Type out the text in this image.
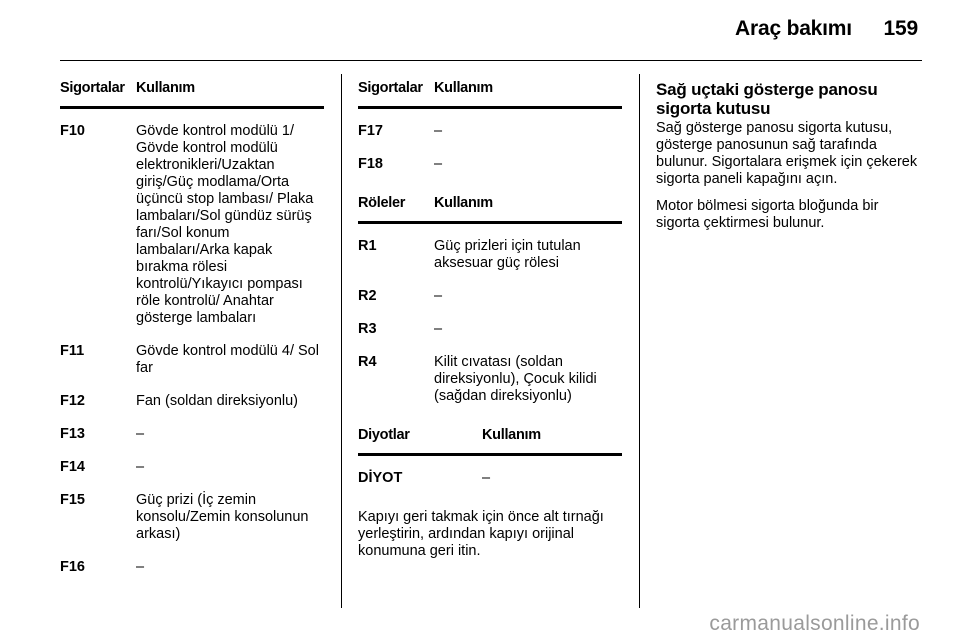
Araç bakımı 159
Sigortalar	Kullanım
F10	Gövde kontrol modülü 1/ Gövde kontrol modülü elektronikleri/Uzaktan giriş/Güç modlama/Orta üçüncü stop lambası/ Plaka lambaları/Sol gündüz sürüş farı/Sol konum lambaları/Arka kapak bırakma rölesi kontrolü/Yıkayıcı pompası röle kontrolü/ Anahtar gösterge lambaları
F11	Gövde kontrol modülü 4/ Sol far
F12	Fan (soldan direksiyonlu)
F13	–
F14	–
F15	Güç prizi (İç zemin konsolu/Zemin konsolunun arkası)
F16	–
Sigortalar	Kullanım
F17	–
F18	–
Röleler	Kullanım
R1	Güç prizleri için tutulan aksesuar güç rölesi
R2	–
R3	–
R4	Kilit cıvatası (soldan direksiyonlu), Çocuk kilidi (sağdan direksiyonlu)
Diyotlar	Kullanım
DİYOT	–

Kapıyı geri takmak için önce alt tırnağı yerleştirin, ardından kapıyı orijinal konumuna geri itin.

Sağ uçtaki gösterge panosu sigorta kutusu

Sağ gösterge panosu sigorta kutusu, gösterge panosunun sağ tarafında bulunur. Sigortalara erişmek için çekerek sigorta paneli kapağını açın.

Motor bölmesi sigorta bloğunda bir sigorta çektirmesi bulunur.

carmanualsonline.info
